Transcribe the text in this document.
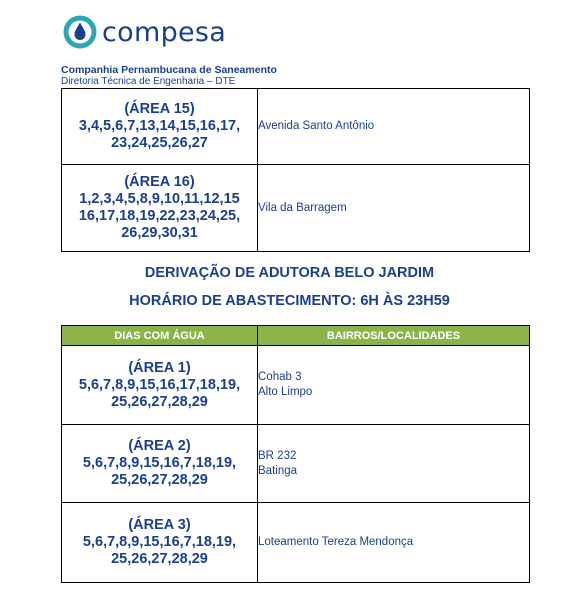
compesa
Companhia Pernambucana de Saneamento
Diretoria Técnica de Engenharia – DTE
(ÁREA 15)
3,4,5,6,7,13,14,15,16,17,
23,24,25,26,27	Avenida Santo Antônio

(ÁREA 16)
1,2,3,4,5,8,9,10,11,12,15
16,17,18,19,22,23,24,25,
26,29,30,31	Vila da Barragem
DERIVAÇÃO DE ADUTORA BELO JARDIM
HORÁRIO DE ABASTECIMENTO: 6H ÀS 23H59
DIAS COM ÁGUA	BAIRROS/LOCALIDADES

(ÁREA 1)
5,6,7,8,9,15,16,17,18,19,
25,26,27,28,29	Cohab 3
Alto Limpo

(ÁREA 2)
5,6,7,8,9,15,16,7,18,19,
25,26,27,28,29	BR 232
Batinga

(ÁREA 3)
5,6,7,8,9,15,16,7,18,19,
25,26,27,28,29	Loteamento Tereza Mendonça
